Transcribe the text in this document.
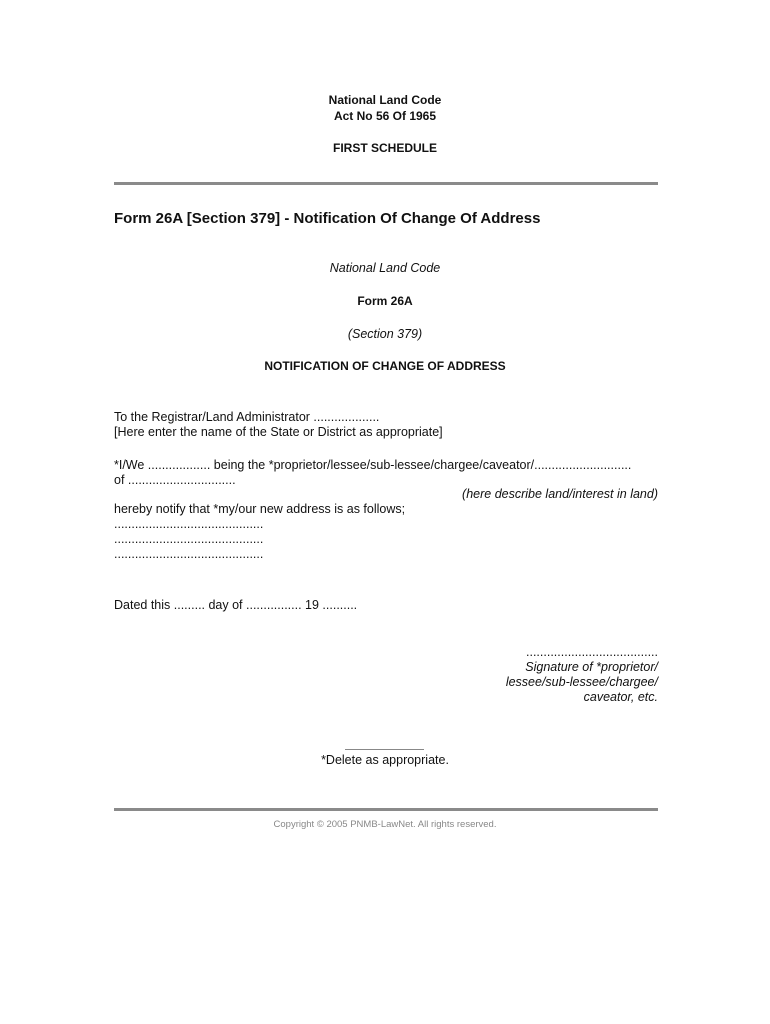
National Land Code
Act No 56 Of 1965
FIRST SCHEDULE
Form 26A [Section 379] - Notification Of Change Of Address
National Land Code
Form 26A
(Section 379)
NOTIFICATION OF CHANGE OF ADDRESS
To the Registrar/Land Administrator ...................
[Here enter the name of the State or District as appropriate]
*I/We .................. being the *proprietor/lessee/sub-lessee/chargee/caveator/............................
of ...............................
(here describe land/interest in land)
hereby notify that *my/our new address is as follows;
...........................................
...........................................
...........................................
Dated this ......... day of ................ 19 ..........
......................................
Signature of *proprietor/
lessee/sub-lessee/chargee/
caveator, etc.
*Delete as appropriate.
Copyright © 2005 PNMB-LawNet. All rights reserved.
